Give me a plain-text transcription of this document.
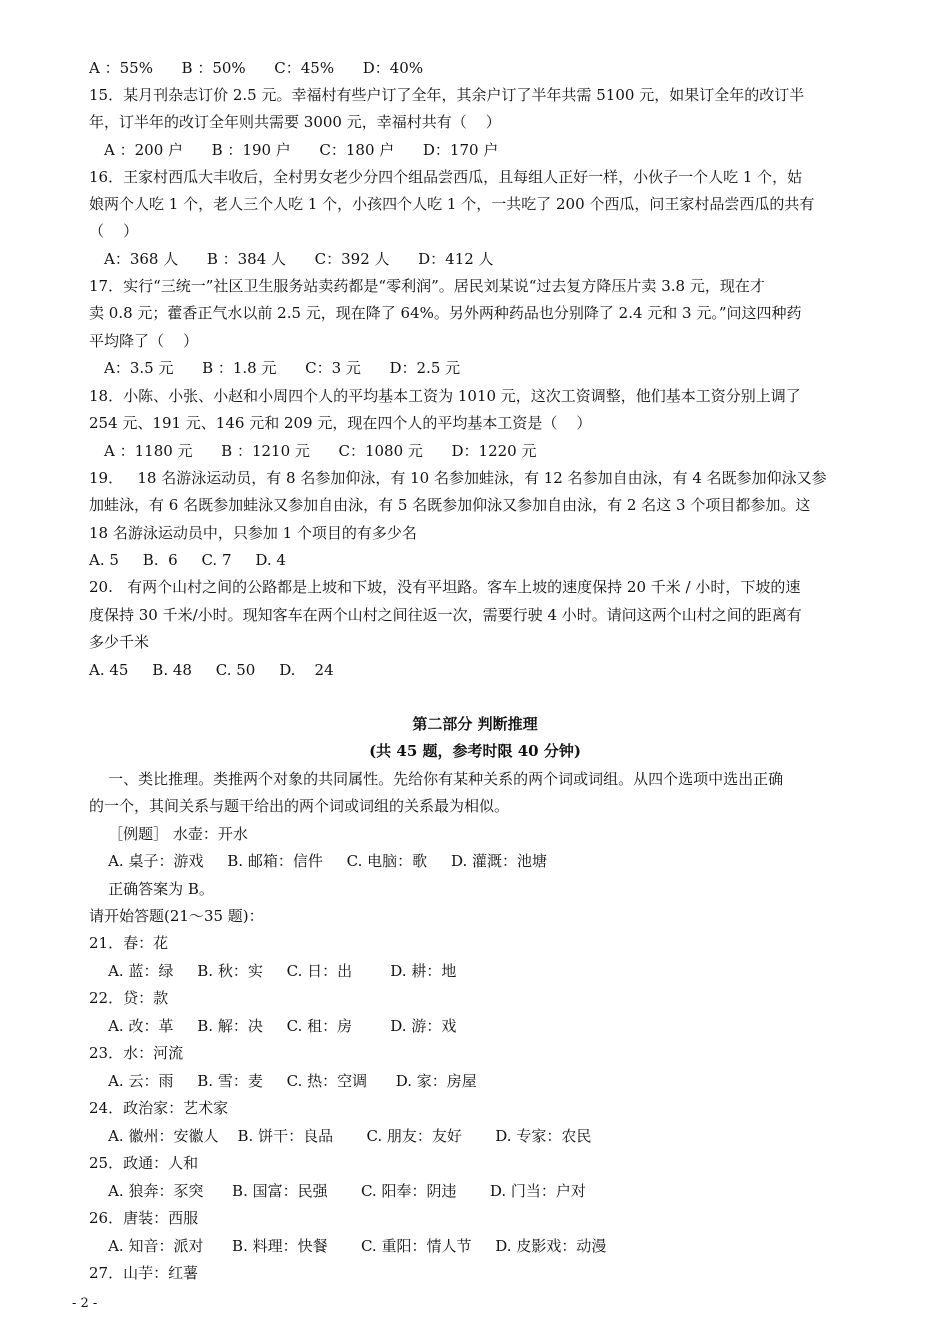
A ：55%      B ：50%      C：45%      D：40%
15．某月刊杂志订价 2.5 元。幸福村有些户订了全年，其余户订了半年共需 5100 元，如果订全年的改订半
年，订半年的改订全年则共需要 3000 元，幸福村共有（    ）
A ：200 户      B ：190 户      C：180 户      D：170 户
16．王家村西瓜大丰收后，全村男女老少分四个组品尝西瓜，且每组人正好一样，小伙子一个人吃 1 个，姑
娘两个人吃 1 个，老人三个人吃 1 个，小孩四个人吃 1 个，一共吃了 200 个西瓜，问王家村品尝西瓜的共有
（    ）
A：368 人      B ：384 人      C：392 人      D：412 人
17．实行“三统一”社区卫生服务站卖药都是“零利润”。居民刘某说“过去复方降压片卖 3.8 元，现在才
卖 0.8 元；藿香正气水以前 2.5 元，现在降了 64%。另外两种药品也分别降了 2.4 元和 3 元。”问这四种药
平均降了（    ）
A：3.5 元      B ：1.8 元      C：3 元      D：2.5 元
18．小陈、小张、小赵和小周四个人的平均基本工资为 1010 元，这次工资调整，他们基本工资分别上调了
254 元、191 元、146 元和 209 元，现在四个人的平均基本工资是（    ）
A ：1180 元      B ：1210 元      C：1080 元      D：1220 元
19．   18 名游泳运动员，有 8 名参加仰泳，有 10 名参加蛙泳，有 12 名参加自由泳，有 4 名既参加仰泳又参
加蛙泳，有 6 名既参加蛙泳又参加自由泳，有 5 名既参加仰泳又参加自由泳，有 2 名这 3 个项目都参加。这
18 名游泳运动员中，只参加 1 个项目的有多少名
A. 5     B.  6     C. 7     D. 4
20.   有两个山村之间的公路都是上坡和下坡，没有平坦路。客车上坡的速度保持 20 千米 / 小时，下坡的速
度保持 30 千米/小时。现知客车在两个山村之间往返一次，需要行驶 4 小时。请问这两个山村之间的距离有
多少千米
A. 45     B. 48     C. 50     D.    24
第二部分 判断推理
(共 45 题，参考时限 40 分钟)
一、类比推理。类推两个对象的共同属性。先给你有某种关系的两个词或词组。从四个选项中选出正确
的一个，其间关系与题干给出的两个词或词组的关系最为相似。
［例题］ 水壶：开水
A. 桌子：游戏     B. 邮箱：信件     C. 电脑：歌     D. 灌溉：池塘
正确答案为 B。
请开始答题(21～35 题)：
21．春：花
A. 蓝：绿     B. 秋：实     C. 日：出        D. 耕：地
22．贷：款
A. 改：革     B. 解：决     C. 租：房        D. 游：戏
23．水：河流
A. 云：雨     B. 雪：麦     C. 热：空调      D. 家：房屋
24．政治家：艺术家
A. 徽州：安徽人    B. 饼干：良品       C. 朋友：友好       D. 专家：农民
25．政通：人和
A. 狼奔：豕突      B. 国富：民强       C. 阳奉：阴违       D. 门当：户对
26．唐装：西服
A. 知音：派对      B. 料理：快餐       C. 重阳：情人节     D. 皮影戏：动漫
27．山芋：红薯
- 2 -
